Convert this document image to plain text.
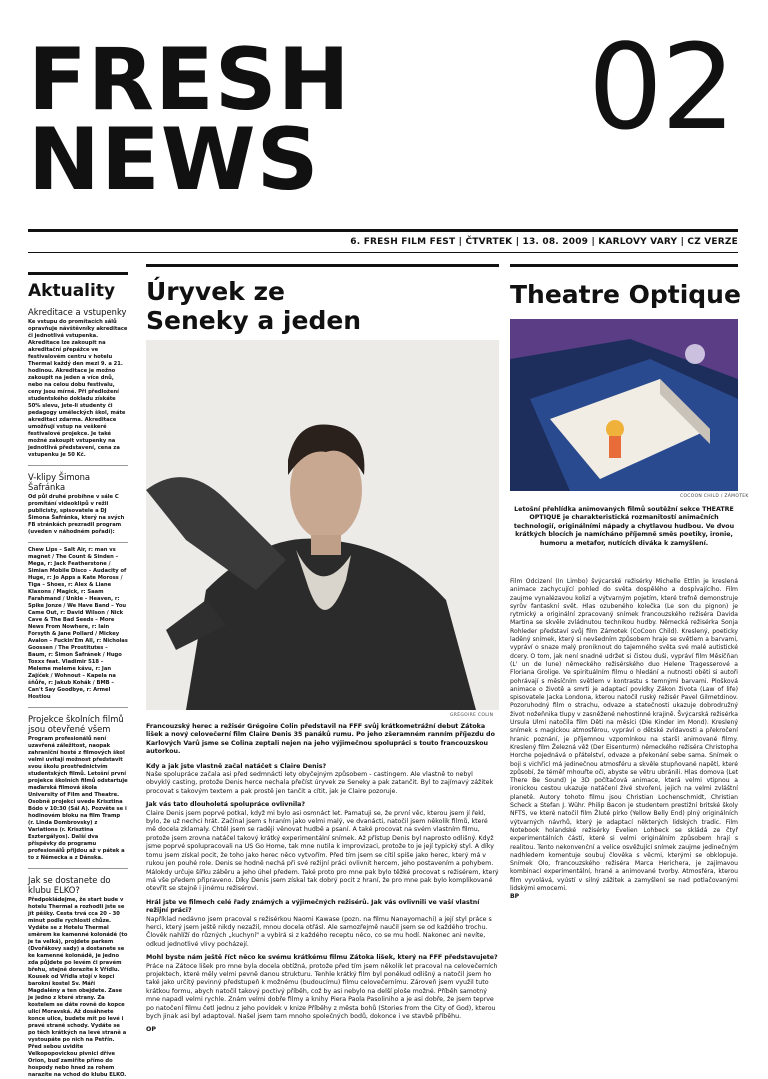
FRESH
NEWS
02
6. FRESH FILM FEST | ČTVRTEK | 13. 08. 2009 | KARLOVY VARY | CZ VERZE
Aktuality
Akreditace a vstupenky

Ke vstupu do promítacích sálů opravňuje návštěvníky akreditace či jednotlivá vstupenka. Akreditace lze zakoupit na akreditační přepážce ve festivalovém centru v hotelu Thermal každý den mezi 9. a 21. hodinou. Akreditace je možno zakoupit na jeden a více dnů, nebo na celou dobu festivalu, ceny jsou mírné. Při předložení studentského dokladu získáte 50% slevu, jste-li studenty či pedagogy uměleckých škol, máte akreditaci zdarma. Akreditace umožňují vstup na veškeré festivalové projekce. Je také možné zakoupit vstupenky na jednotlivá představení, cena za vstupenku je 50 Kč.

V-klipy Šimona Šafránka

Od půl druhé probíhne v sále C promítání videoklipů v režii publicisty, spisovatele a DJ Šimona Šafránka, který na svých FB stránkách prezradil program (uveden v náhodném pořadí):

Chew Lips – Salt Air, r: man vs magnet / The Count & Sinden – Mega, r: Jack Featherstone / Simian Mobile Disco – Audacity of Huge, r: Jo Apps a Kate Moross / Tiga – Shoes, r: Alex & Liane Klaxons / Magick, r: Saam Farahmand / Unkle – Heaven, r: Spike Jonze / We Have Band – You Came Out, r: David Wilson / Nick Cave & The Bad Seeds – More News From Nowhere, r: Iain Forsyth & Jane Pollard / Mickey Avalon – Fuckin'Em All, r: Nicholas Goossen / The Prostitutes – Baum, r: Šimon Šafránek / Hugo Toxxx feat. Vladimir 518 – Meleme meleme kávu, r: Jan Zajíček / Wohnout – Kapela na šňůře, r: Jakub Kohák / BMB – Can't Say Goodbye, r: Armel Hostiou

Projekce školních filmů jsou otevřené všem

Program profesionálů není uzavřená záležitost, naopak zahraniční hosté z filmových škol velmi uvítají možnost představit svou školu prostřednictvím studentských filmů. Letošní první projekce školních filmů odstartuje maďarská filmová škola University of Film and Theatre. Osobně projekci uvede Krisztina Bódo v 10:30 (Sál A). Pozvěte se i hodinovém bloku na film Tramp (r. Linda Dombrovsky) z Variations (r. Krisztina Esztergályos). Další dva příspěvky do programu profesionálů přijdou až v pátek a to z Německa a z Dánska.

Jak se dostanete do klubu ELKO?

Předpokládejme, že start bude v hotelu Thermal a rozhodli jste se jít pěšky. Cesta trvá cca 20 - 30 minut podle rychlosti chůze. Vydáte se z Hotelu Thermal směrem ke kamenné kolonádě (to je ta velká), projdete parkem (Dvořákovy sady) a dostanete se ke kamenné kolonádě, je jedno zda půjdete po levém či pravém břehu, stejně dorazíte k Vřídlu. Kousek od Vřídla stojí v kopci barokní kostel Sv. Máří Magdalény a ten obejdete. Zase je jedno z které strany. Za kostelem se dáte rovně do kopce ulicí Moravská. Až dosáhnete konce ulice, budete mít po levé i pravé straně schody. Vydáte se po těch krátkých na levé straně a vystoupáte po nich na Petřín. Před sebou uvidíte Velkopopovickou pivnici dříve Orion, buď zamiříte přímo do hospody nebo hned za rohem narazíte na vchod do klubu ELKO.

Úryvek ze Seneky a jeden
GRÉGOIRE COLIN

Francouzský herec a režisér Grégoire Colin představil na FFF svůj krátkometrážní debut Zátoka lišek a nový celovečerní film Claire Denis 35 panáků rumu. Po jeho zšeramném ranním příjezdu do Karlových Varů jsme se Colina zeptali nejen na jeho výjimečnou spolupráci s touto francouzskou autorkou.

Kdy a jak jste vlastně začal natáčet s Claire Denis?

Naše spolupráce začala asi před sedmnácti lety obyčejným způsobem - castingem. Ale vlastně to nebyl obvyklý casting, protože Denis herce nechala přečíst úryvek ze Seneky a pak zatančit. Byl to zajímavý zážitek procovat s takovým textem a pak prostě jen tančit a cítit, jak je Claire pozoruje.

Jak vás tato dlouholetá spolupráce ovlivnila?

Claire Denis jsem poprvé potkal, když mi bylo asi osmnáct let. Pamatuji se, že první věc, kterou jsem jí řekl, bylo, že už nechci hrát. Začínal jsem s hraním jako velmi malý, ve dvanácti, natočil jsem několik filmů, které mě docela zklamaly. Chtěl jsem se raději věnovat hudbě a psaní. A také procovat na svém vlastním filmu, protože jsem zrovna natáčel takový krátký experimentální snímek. Až přístup Denis byl naprosto odlišný. Když jsme poprvé spolupracovali na US Go Home, tak mne nutila k improvizaci, protože to je její typický styl. A díky tomu jsem získal pocit, že toho jako herec něco vytvořím. Před tím jsem se cítil spíše jako herec, který má v rukou jen pouhé role. Denis se hodně nechá při své režijní práci ovlivnit hercem, jeho postavením a pohybem. Málokdy určuje šířku záběru a jeho úhel předem. Také proto pro mne pak bylo těžké procovat s režisérem, který má vše předem připraveno. Díky Denis jsem získal tak dobrý pocit z hraní, že pro mne pak bylo komplikované otevřít se stejně i jinému režisérovi.

Hrál jste ve filmech celé řady známých a výjimečných režisérů. Jak vás ovlivnili ve vaší vlastní režijní práci?

Například nedávno jsem pracoval s režisérkou Naomi Kawase (pozn. na filmu Nanayomachi) a její styl práce s herci, který jsem ještě nikdy nezažil, mnou docela otřásl. Ale samozřejmě naučil jsem se od každého trochu. Člověk nahlíží do různých „kuchyní" a vybírá si z každého receptu něco, co se mu hodí. Nakonec ani nevíte, odkud jednotlivé vlivy pocházejí.

Mohl byste nám ještě říct něco ke svému krátkému filmu Zátoka lišek, který na FFF představujete?

Práce na Zátoce lišek pro mne byla docela obtížná, protože před tím jsem několik let pracoval na celovečerních projektech, které měly velmi pevně danou strukturu. Tenhle krátký film byl poněkud odlišný a natočil jsem ho také jako určitý pevinný předstupeň k možnému (budoucímu) filmu celovečernímu. Zároveň jsem využil tuto krátkou formu, abych natočil takový poctivý příběh, což by asi nebylo na delší ploše možné. Příběh samotný mne napadl velmi rychle. Znám velmi dobře filmy a knihy Piera Paola Pasoliniho a je asi dobře, že jsem teprve po natočení filmu četl jednu z jeho povídek v knize Příběhy z města bohů (Stories from the City of God), kterou bych jinak asi byl adaptoval. Našel jsem tam mnoho společných bodů, dokonce i ve stavbě příběhu.

OP

Theatre Optique
COCOON CHILD / ZÁMOTEK
Letošní přehlídka animovaných filmů soutěžní sekce THEATRE OPTIQUE je charakteristická rozmanitostí animačních technologií, originálními nápady a chytlavou hudbou. Ve dvou krátkých blocích je namícháno příjemně směs poetiky, ironie, humoru a metafor, nutících diváka k zamyšlení.

Film Odcizení (In Limbo) švýcarské režisérky Michelle Ettlin je kreslená animace zachycující pohled do světa dospělého a dospívajícího. Film zaujme vynalézavou kolizí a výtvarným pojetím, které trefně demonstruje syrův fantaskní svět. Hlas ozubeného kolečka (Le son du pignon) je rytmický a originální zpracovaný snímek francouzského režiséra Davida Martina se skvěle zvládnutou technikou hudby. Německá režisérka Sonja Rohleder představí svůj film Zámotek (CoCoon Child). Kreslený, poeticky laděný snímek, který si nevšedním způsobem hraje se světlem a barvami, vypráví o snaze malý proniknout do tajemného světa své malé autistické dcery. O tom, jak není snadné udržet si čistou duši, vypráví film Měsíčňan (L' un de lune) německého režisérského duo Helene Tragesserové a Floriana Grolige. Ve spirituálním filmu o hledání a nutnosti oběti si autoři pohrávají s měsíčním světlem v kontrastu s temnými barvami. Plošková animace o životě a smrti je adaptací povídky Zákon života (Law of life) spisovatele Jacka Londona, kterou natočil ruský režisér Pavel Gilmetdinov. Pozoruhodný film o strachu, odvaze a statečnosti ukazuje dobrodružný život nožeňnika tlupy v zasněžené nehostinné krajině. Švýcarská režisérka Ursula Ulmi natočila film Děti na měsíci (Die Kinder im Mond). Kreslený snímek s magickou atmosférou, vypráví o dětské zvídavosti a překročení hranic poznání, je příjemnou vzpomínkou na starší animované filmy. Kreslený film Železná věž (Der Eisenturm) německého režiséra Christopha Horche pojednává o přátelství, odvaze a překonání sebe sama. Snímek o boji s vichřicí má jedinečnou atmosféru a skvěle stupňované napětí, které způsobí, že téměř mhouřte oči, abyste se větru ubránili. Hlas domova (Let There Be Sound) je 3D počítačová animace, která velmi vtipnou a ironickou cestou ukazuje natáčení živé stvoření, jejich na velmi zvláštní planetě. Autory tohoto filmu jsou Christian Lochenschmidt, Christian Scheck a Stefan J. Wühr. Philip Bacon je studentem prestižní britské školy NFTS, ve které natočil film Žluté pírko (Yellow Belly End) plný originálních výtvarných návrhů, který je adaptací některých lidských tradic. Film Notebook holandské režisérky Evelien Lohbeck se skládá ze čtyř experimentálních částí, které si velmi originálním způsobem hrají s realitou. Tento nekonvenční a velice osvěžující snímek zaujme jedinečným nadhledem komentuje soubuj člověka s věcmi, kterými se obklopuje. Snímek Olo, francouzského režiséra Marca Hericherа, je zajímavou kombinací experimentální, hrané a animované tvorby. Atmosféra, kterou film vyvolává, vyústí v silný zážitek a zamyšlení se nad potlačovanými lidskými emocemi.

BP
